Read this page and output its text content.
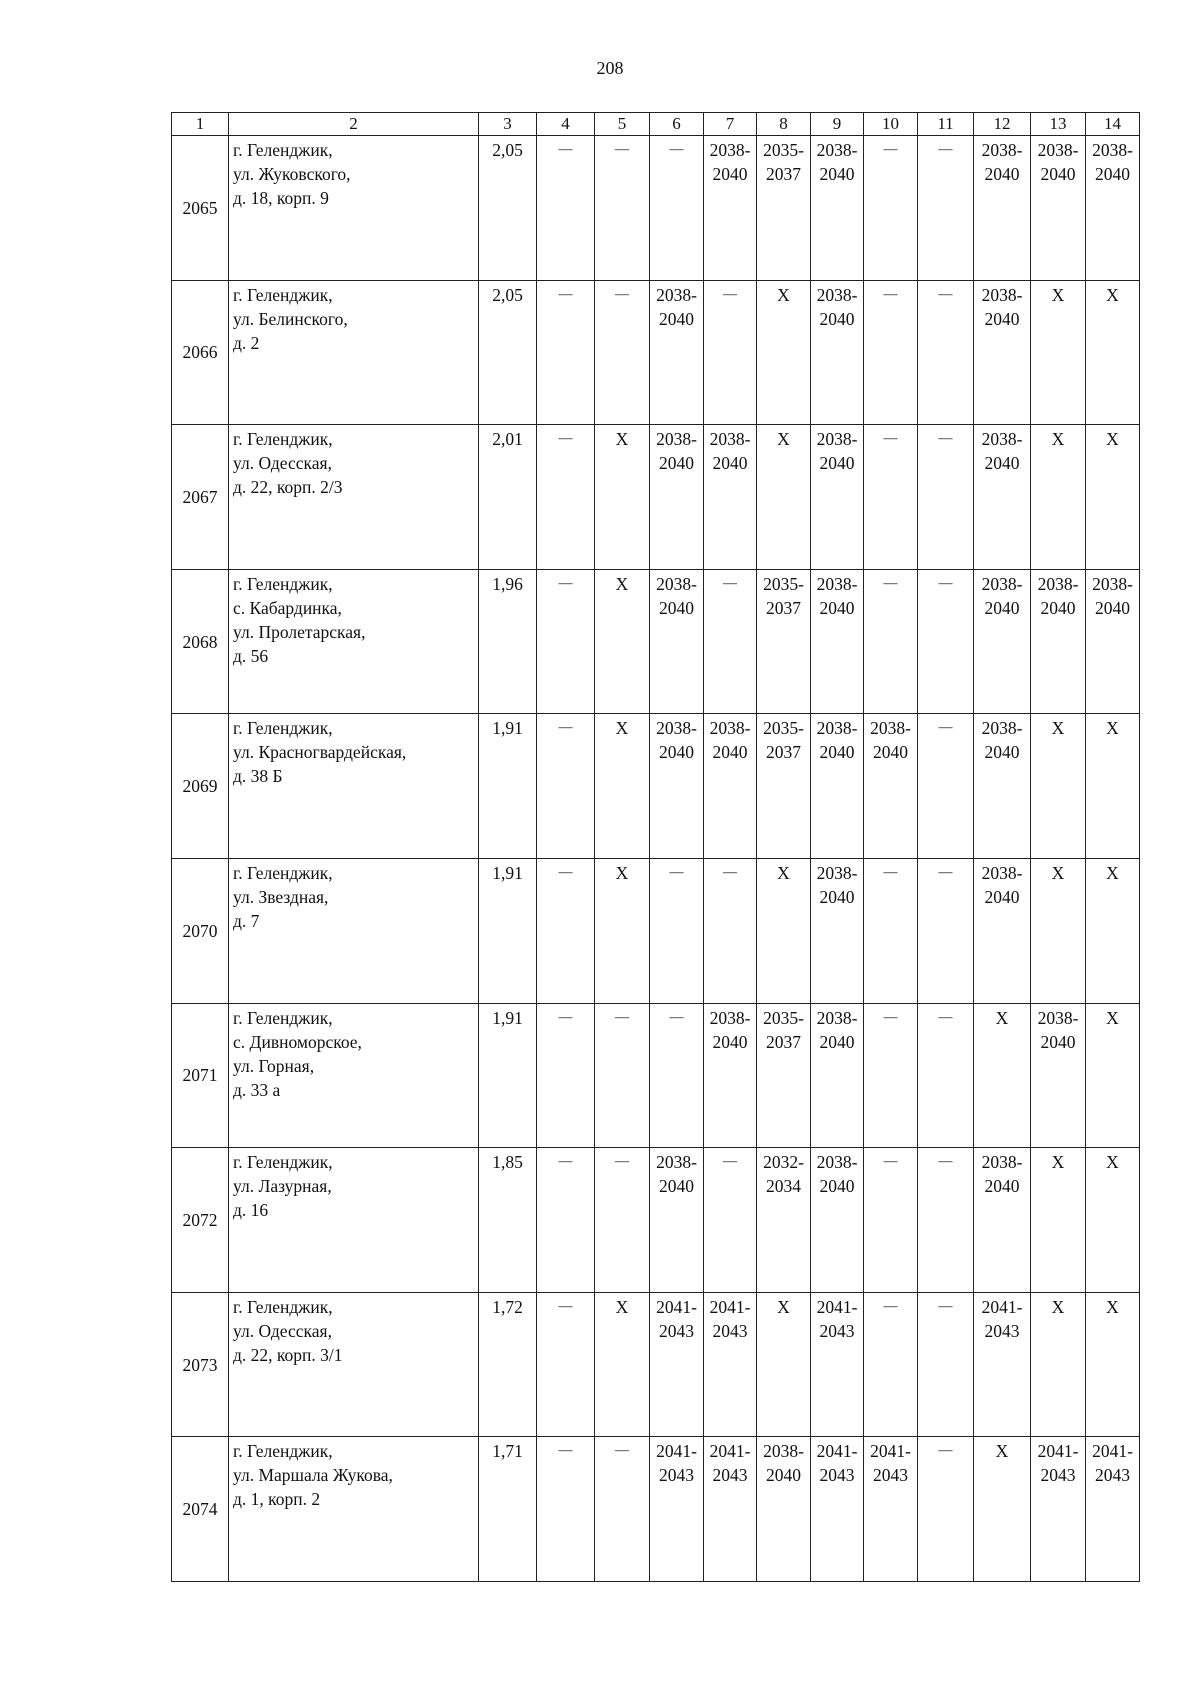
208
1	2	3	4	5	6	7	8	9	10	11	12	13	14
2065	г. Геленджик,
ул. Жуковского,
д. 18, корп. 9	2,05	—	—	—	2038-
2040	2035-
2037	2038-
2040	—	—	2038-
2040	2038-
2040	2038-
2040
2066	г. Геленджик,
ул. Белинского,
д. 2	2,05	—	—	2038-
2040	—	X	2038-
2040	—	—	2038-
2040	X	X
2067	г. Геленджик,
ул. Одесская,
д. 22, корп. 2/3	2,01	—	X	2038-
2040	2038-
2040	X	2038-
2040	—	—	2038-
2040	X	X
2068	г. Геленджик,
с. Кабардинка,
ул. Пролетарская,
д. 56	1,96	—	X	2038-
2040	—	2035-
2037	2038-
2040	—	—	2038-
2040	2038-
2040	2038-
2040
2069	г. Геленджик,
ул. Красногвардейская,
д. 38 Б	1,91	—	X	2038-
2040	2038-
2040	2035-
2037	2038-
2040	2038-
2040	—	2038-
2040	X	X
2070	г. Геленджик,
ул. Звездная,
д. 7	1,91	—	X	—	—	X	2038-
2040	—	—	2038-
2040	X	X
2071	г. Геленджик,
с. Дивноморское,
ул. Горная,
д. 33 а	1,91	—	—	—	2038-
2040	2035-
2037	2038-
2040	—	—	X	2038-
2040	X
2072	г. Геленджик,
ул. Лазурная,
д. 16	1,85	—	—	2038-
2040	—	2032-
2034	2038-
2040	—	—	2038-
2040	X	X
2073	г. Геленджик,
ул. Одесская,
д. 22, корп. 3/1	1,72	—	X	2041-
2043	2041-
2043	X	2041-
2043	—	—	2041-
2043	X	X
2074	г. Геленджик,
ул. Маршала Жукова,
д. 1, корп. 2	1,71	—	—	2041-
2043	2041-
2043	2038-
2040	2041-
2043	2041-
2043	—	X	2041-
2043	2041-
2043
